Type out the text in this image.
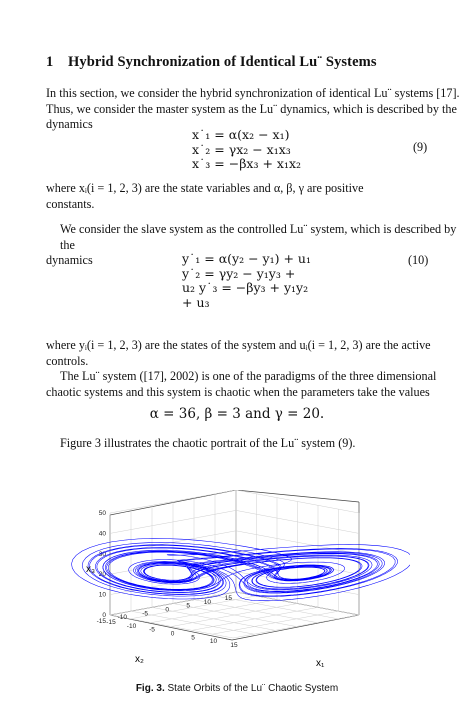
1 Hybrid Synchronization of Identical Lu¨ Systems
In this section, we consider the hybrid synchronization of identical Lu¨ systems [17].
Thus, we consider the master system as the Lu¨ dynamics, which is described by the
dynamics
x˙₁ = α(x₂ − x₁)
x˙₂ = γx₂ − x₁x₃
x˙₃ = −βx₃ + x₁x₂
(9)
where xᵢ(i = 1, 2, 3) are the state variables and α, β, γ are positive
constants.
We consider the slave system as the controlled Lu¨ system, which is described by the
dynamics	y˙₁ = α(y₂ − y₁) + u₁
y˙₂ = γy₂ − y₁y₃ +
u₂ y˙₃ = −βy₃ + y₁y₂
+ u₃
(10)
where yᵢ(i = 1, 2, 3) are the states of the system and uᵢ(i = 1, 2, 3) are the active
controls.
The Lu¨ system ([17], 2002) is one of the paradigms of the three dimensional
chaotic systems and this system is chaotic when the parameters take the values
α = 36, β = 3 and γ = 20.
Figure 3 illustrates the chaotic portrait of the Lu¨ system (9).
0
10
20
30
40
50
-15
-10
-5
0
5
10
15
-15
-10
-5
0
5
10
15
x₃
x₁
x₂
Fig. 3. State Orbits of the Lu¨ Chaotic System
